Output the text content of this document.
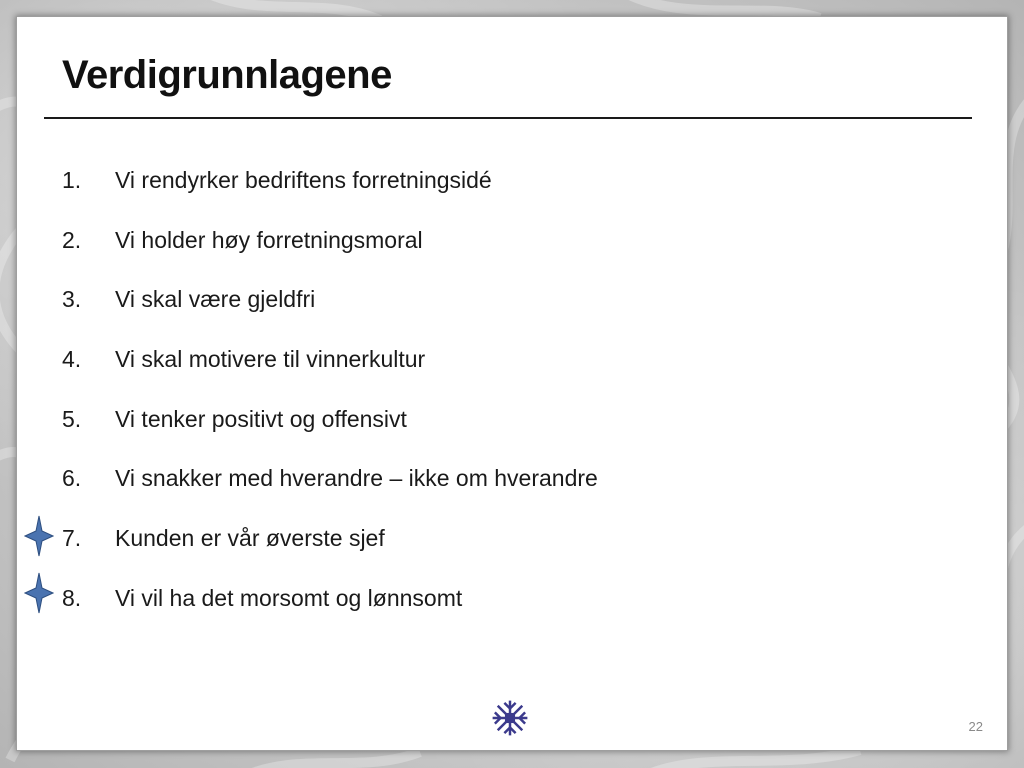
Verdigrunnlagene
1. Vi rendyrker bedriftens forretningsidé
2. Vi holder høy forretningsmoral
3. Vi skal være gjeldfri
4. Vi skal motivere til vinnerkultur
5. Vi tenker positivt og offensivt
6. Vi snakker med hverandre – ikke om hverandre
7. Kunden er vår øverste sjef
8. Vi vil ha det morsomt og lønnsomt
22
